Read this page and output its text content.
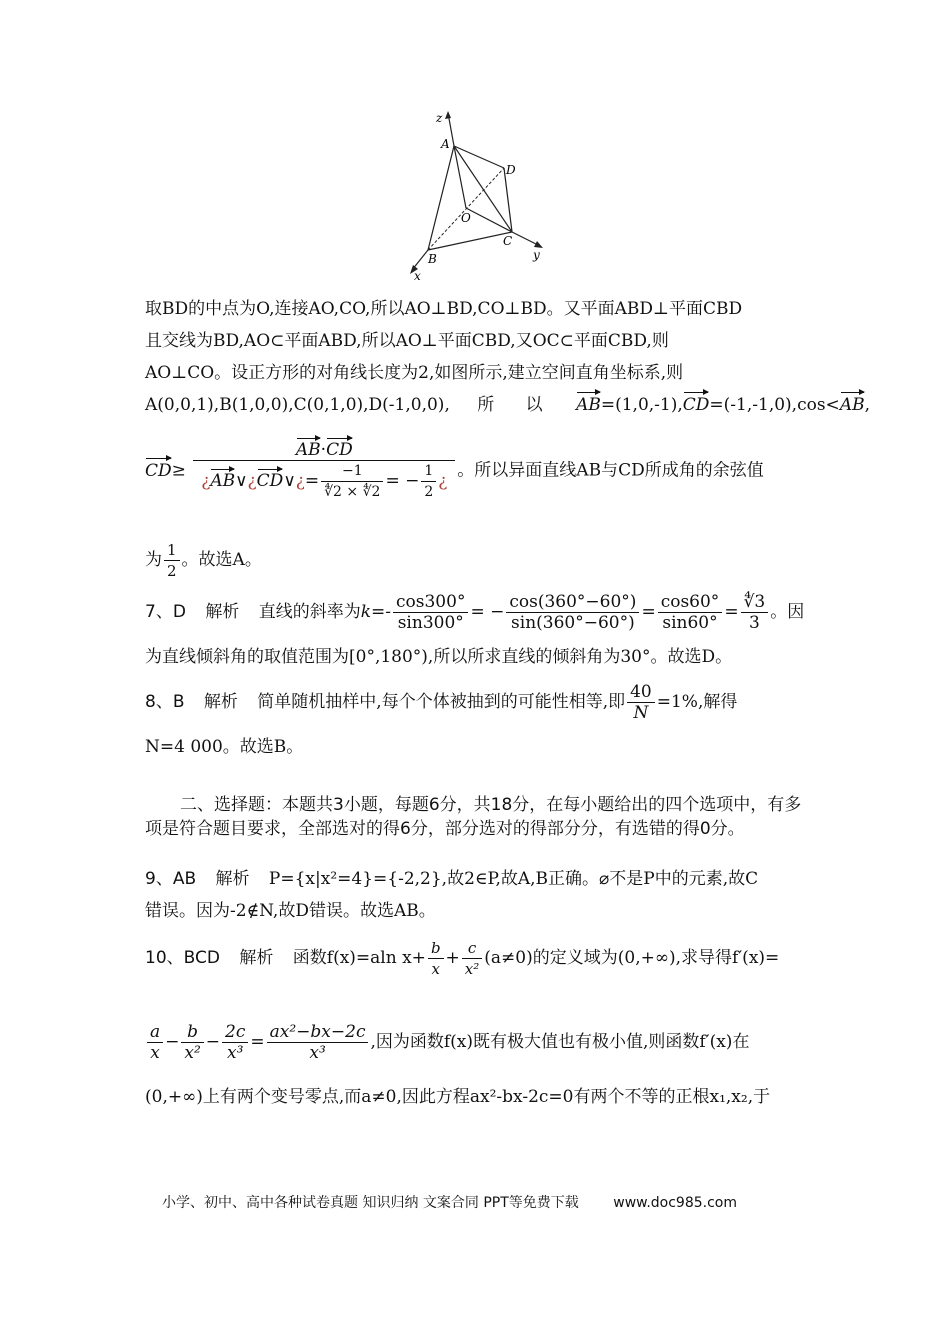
z
A
D
O
C
B	y
x
取BD的中点为O,连接AO,CO,所以AO⊥BD,CO⊥BD。又平面ABD⊥平面CBD
且交线为BD,AO⊂平面ABD,所以AO⊥平面CBD,又OC⊂平面CBD,则
AO⊥CO。设正方形的对角线长度为2,如图所示,建立空间直角坐标系,则
A(0,0,1),B(1,0,0),C(0,1,0),D(-1,0,0), 所 以 AB=(1,0,-1),CD=(-1,-1,0),cos<AB,
$CD\ge \frac{AB\cdot CD}{¿AB\vee¿CD\vee¿= \frac{-1}{∜2 \times ∜2} = - \frac{1}{2} ¿}$ 。所以异面直线AB与CD所成角的余弦值
为 $\frac{1}{2}$ 。故选A。
7、D 解析 直线的斜率为$k=- \frac{\cos 300^\circ}{\sin 300^\circ}$ = − $\frac{\cos(360^\circ-60^\circ)}{\sin(360^\circ-60^\circ)} = \frac{\cos 60^\circ}{\sin 60^\circ} = \frac{∜3}{3}$ 。因
为直线倾斜角的取值范围为[0°,180°),所以所求直线的倾斜角为30°。故选D。
8、B 解析 简单随机抽样中,每个个体被抽到的可能性相等,即 $\frac{40}{N} =1\%$,解得
N=4 000。故选B。
二、选择题：本题共3小题，每题6分，共18分，在每小题给出的四个选项中，有多项是符合题目要求，全部选对的得6分，部分选对的得部分分，有选错的得0分。
9、AB 解析 P={x|x²=4}={-2,2},故2∈P,故A,B正确。⌀不是P中的元素,故C
错误。因为-2∉N,故D错误。故选AB。
10、BCD 解析 函数f(x)=aln $x+ \frac{b}{x} + \frac{c}{\text{x²}} (a\ne 0)$的定义域为(0,+∞),求导得f′(x)=
$\frac{a}{x} - \frac{b}{\text{x²}} - \frac{2c}{\text{x³}} = \frac{\text{ax²−bx−2c}}{\text{x³}}$ ,因为函数f(x)既有极大值也有极小值,则函数f′(x)在
(0,+∞)上有两个变号零点,而a≠0,因此方程ax²-bx-2c=0有两个不等的正根x₁,x₂,于
小学、初中、高中各种试卷真题 知识归纳 文案合同 PPT等免费下载 www.doc985.com
